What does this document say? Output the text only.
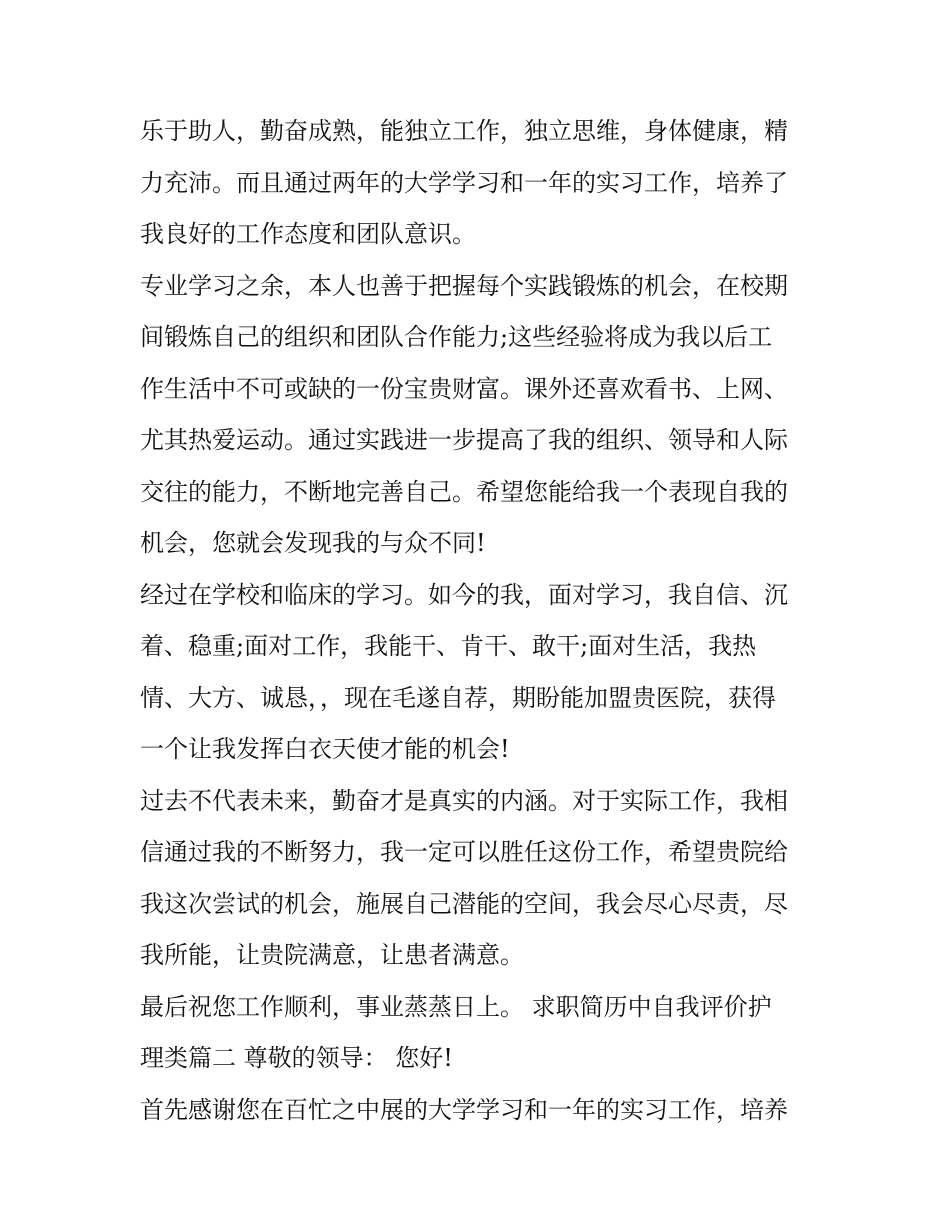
乐于助人，勤奋成熟，能独立工作，独立思维，身体健康，精
力充沛。而且通过两年的大学学习和一年的实习工作，培养了
我良好的工作态度和团队意识。
专业学习之余，本人也善于把握每个实践锻炼的机会，在校期
间锻炼自己的组织和团队合作能力;这些经验将成为我以后工
作生活中不可或缺的一份宝贵财富。课外还喜欢看书、上网、
尤其热爱运动。通过实践进一步提高了我的组织、领导和人际
交往的能力，不断地完善自己。希望您能给我一个表现自我的
机会，您就会发现我的与众不同!
经过在学校和临床的学习。如今的我，面对学习，我自信、沉
着、稳重;面对工作，我能干、肯干、敢干;面对生活，我热
情、大方、诚恳，，现在毛遂自荐，期盼能加盟贵医院，获得
一个让我发挥白衣天使才能的机会!
过去不代表未来，勤奋才是真实的内涵。对于实际工作，我相
信通过我的不断努力，我一定可以胜任这份工作，希望贵院给
我这次尝试的机会，施展自己潜能的空间，我会尽心尽责，尽
我所能，让贵院满意，让患者满意。
最后祝您工作顺利，事业蒸蒸日上。 求职简历中自我评价护
理类篇二 尊敬的领导： 您好!
首先感谢您在百忙之中展的大学学习和一年的实习工作，培养
